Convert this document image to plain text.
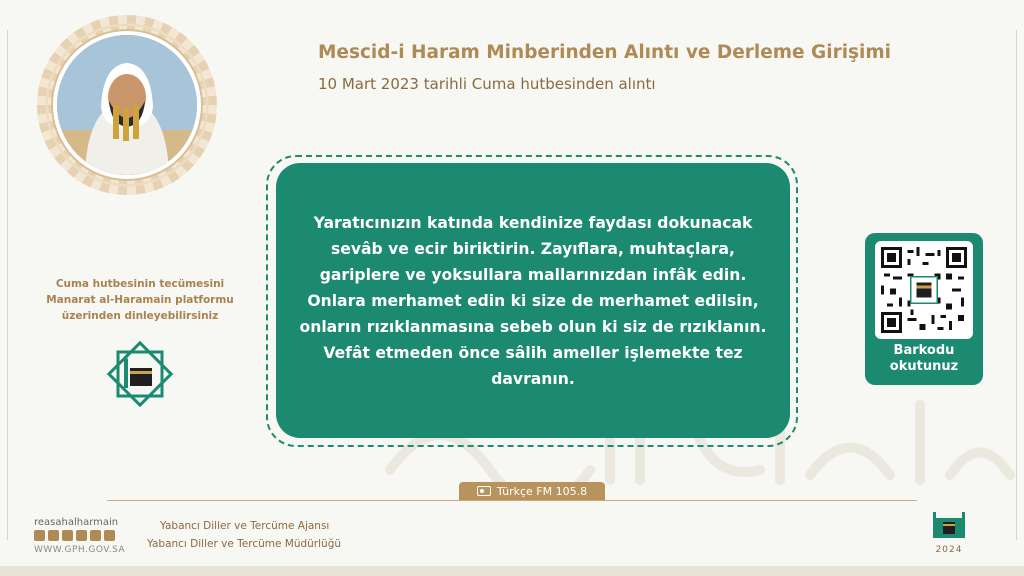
Mescid-i Haram Minberinden Alıntı ve Derleme Girişimi
10 Mart 2023 tarihli Cuma hutbesinden alıntı
Cuma hutbesinin tecümesini
Manarat al-Haramain platformu
üzerinden dinleyebilirsiniz
Yaratıcınızın katında kendinize faydası dokunacak sevâb ve ecir biriktirin. Zayıflara, muhtaçlara, gariplere ve yoksullara mallarınızdan infâk edin. Onlara merhamet edin ki size de merhamet edilsin, onların rızıklanmasına sebeb olun ki siz de rızıklanın. Vefât etmeden önce sâlih ameller işlemekte tez davranın.
Barkodu
okutunuz
Türkçe FM 105.8
reasahalharmain
WWW.GPH.GOV.SA
Yabancı Diller ve Tercüme Ajansı
Yabancı Diller ve Tercüme Müdürlüğü	2024
